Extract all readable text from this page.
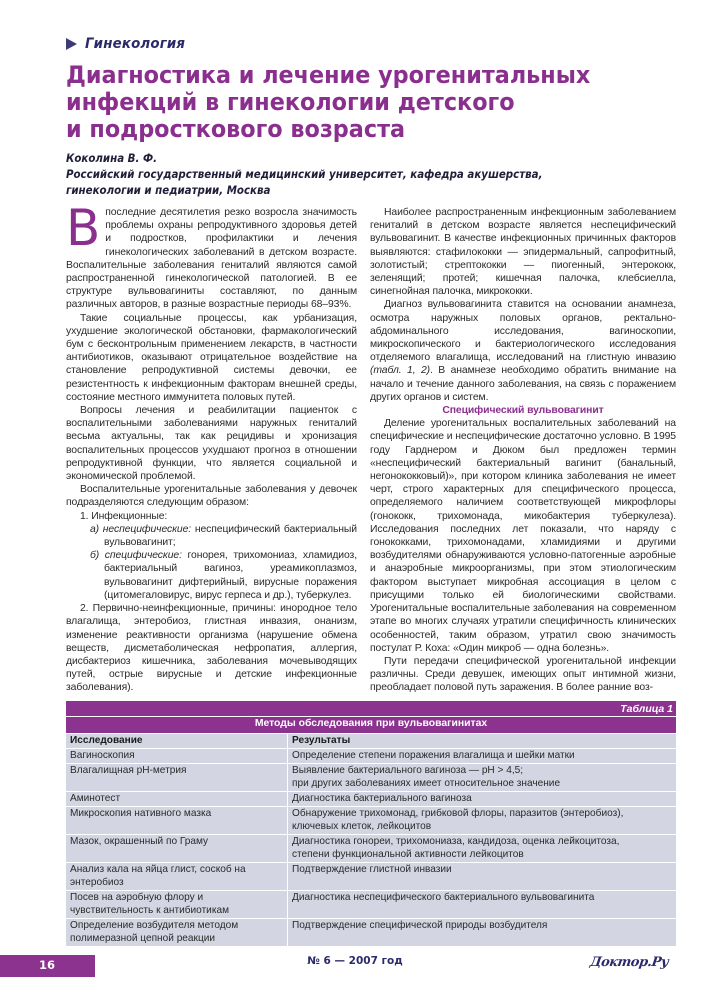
Гинекология
Диагностика и лечение урогенитальных
инфекций в гинекологии детского
и подросткового возраста
Коколина В. Ф.
Российский государственный медицинский университет, кафедра акушерства,
гинекологии и педиатрии, Москва

Впоследние десятилетия резко возросла значимость проблемы охраны репродуктивного здоровья детей и подростков, профилактики и лечения гинекологических заболеваний в детском возрасте. Воспалительные заболевания гениталий являются самой распространенной гинекологической патологией. В ее структуре вульвовагиниты составляют, по данным различных авторов, в разные возрастные периоды 68–93%.

Такие социальные процессы, как урбанизация, ухудшение экологической обстановки, фармакологический бум с бесконтрольным применением лекарств, в частности антибиотиков, оказывают отрицательное воздействие на становление репродуктивной системы девочки, ее резистентность к инфекционным факторам внешней среды, состояние местного иммунитета половых путей.

Вопросы лечения и реабилитации пациенток с воспалительными заболеваниями наружных гениталий весьма актуальны, так как рецидивы и хронизация воспалительных процессов ухудшают прогноз в отношении репродуктивной функции, что является социальной и экономической проблемой.

Воспалительные урогенитальные заболевания у девочек подразделяются следующим образом:

1. Инфекционные:

а) неспецифические: неспецифический бактериальный вульвовагинит;

б) специфические: гонорея, трихомониаз, хламидиоз, бактериальный вагиноз, уреамикоплазмоз, вульвовагинит дифтерийный, вирусные поражения (цитомегаловирус, вирус герпеса и др.), туберкулез.

2. Первично-неинфекционные, причины: инородное тело влагалища, энтеробиоз, глистная инвазия, онанизм, изменение реактивности организма (нарушение обмена веществ, дисметаболическая нефропатия, аллергия, дисбактериоз кишечника, заболевания мочевыводящих путей, острые вирусные и детские инфекционные заболевания).

Наиболее распространенным инфекционным заболеванием гениталий в детском возрасте является неспецифический вульвовагинит. В качестве инфекционных причинных факторов выявляются: стафилококки — эпидермальный, сапрофитный, золотистый; стрептококки — пиогенный, энтерококк, зеленящий; протей; кишечная палочка, клебсиелла, синегнойная палочка, микрококки.

Диагноз вульвовагинита ставится на основании анамнеза, осмотра наружных половых органов, ректально-абдоминального исследования, вагиноскопии, микроскопического и бактериологического исследования отделяемого влагалища, исследований на глистную инвазию (табл. 1, 2). В анамнезе необходимо обратить внимание на начало и течение данного заболевания, на связь с поражением других органов и систем.

Специфический вульвовагинит

Деление урогенитальных воспалительных заболеваний на специфические и неспецифические достаточно условно. В 1995 году Гарднером и Дюком был предложен термин «неспецифический бактериальный вагинит (банальный, негонококковый)», при котором клиника заболевания не имеет черт, строго характерных для специфического процесса, определяемого наличием соответствующей микрофлоры (гонококк, трихомонада, микобактерия туберкулеза). Исследования последних лет показали, что наряду с гонококками, трихомонадами, хламидиями и другими возбудителями обнаруживаются условно-патогенные аэробные и анаэробные микроорганизмы, при этом этиологическим фактором выступает микробная ассоциация в целом с присущими только ей биологическими свойствами. Урогенитальные воспалительные заболевания на современном этапе во многих случаях утратили специфичность клинических особенностей, таким образом, утратил свою значимость постулат Р. Коха: «Один микроб — одна болезнь».

Пути передачи специфической урогенитальной инфекции различны. Среди девушек, имеющих опыт интимной жизни, преобладает половой путь заражения. В более ранние воз-

Таблица 1	
Методы обследования при вульвовагинитах	
Исследование	Результаты
Вагиноскопия	Определение степени поражения влагалища и шейки матки

Влагалищная рН-метрия	Выявление бактериального вагиноза — рН > 4,5;
при других заболеваниях имеет относительное значение

Аминотест	Диагностика бактериального вагиноза

Микроскопия нативного мазка	Обнаружение трихомонад, грибковой флоры, паразитов (энтеробиоз),
ключевых клеток, лейкоцитов

Мазок, окрашенный по Граму	Диагностика гонореи, трихомониаза, кандидоза, оценка лейкоцитоза,
степени функциональной активности лейкоцитов

Анализ кала на яйца глист, соскоб на энтеробиоз	Подтверждение глистной инвазии

Посев на аэробную флору и чувствительность к антибиотикам	Диагностика неспецифического бактериального вульвовагинита

Определение возбудителя методом полимеразной цепной реакции	Подтверждение специфической природы возбудителя
16	№ 6 — 2007 год	Доктор.Ру
